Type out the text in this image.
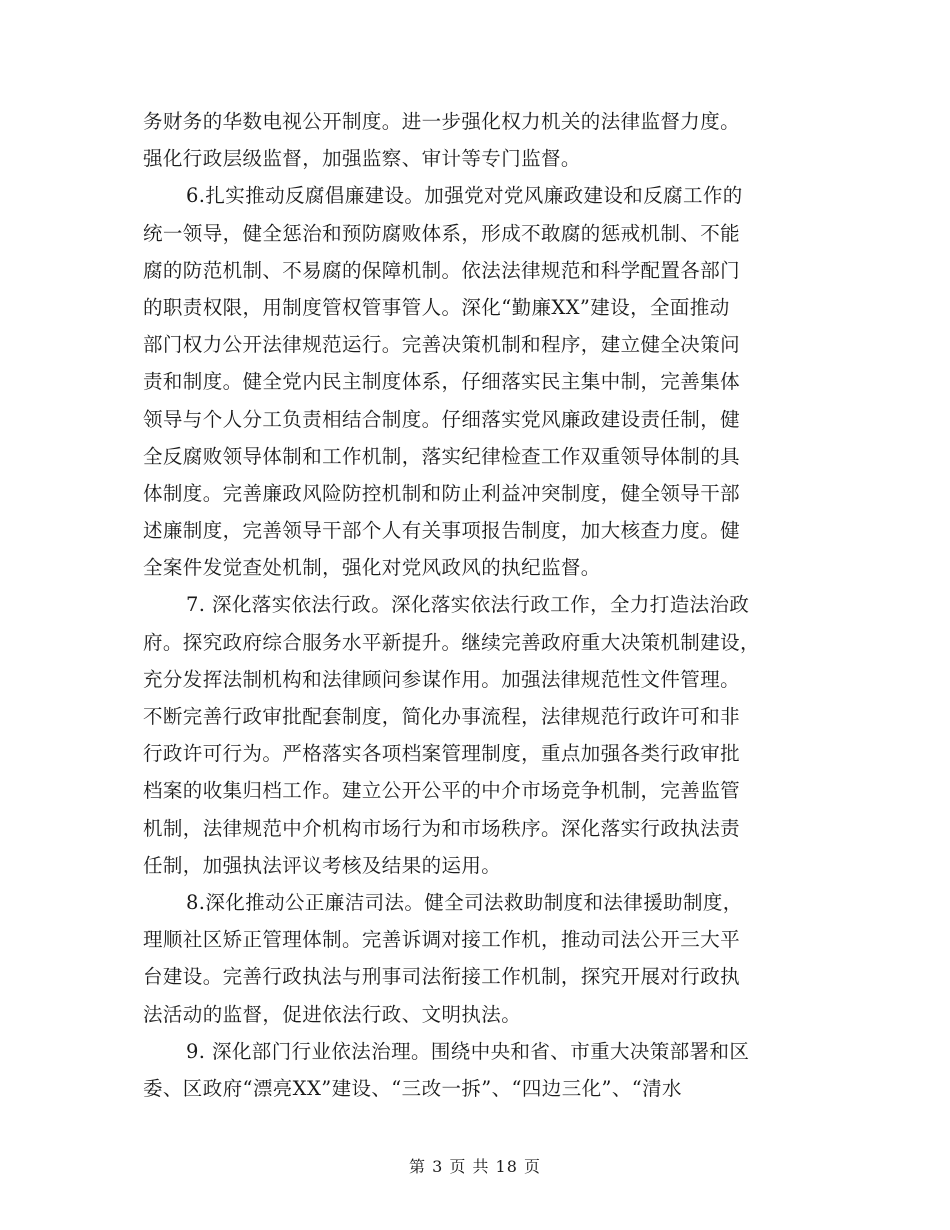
务财务的华数电视公开制度。进一步强化权力机关的法律监督力度。
强化行政层级监督，加强监察、审计等专门监督。
6.扎实推动反腐倡廉建设。加强党对党风廉政建设和反腐工作的
统一领导，健全惩治和预防腐败体系，形成不敢腐的惩戒机制、不能
腐的防范机制、不易腐的保障机制。依法法律规范和科学配置各部门
的职责权限，用制度管权管事管人。深化“勤廉XX”建设，全面推动
部门权力公开法律规范运行。完善决策机制和程序，建立健全决策问
责和制度。健全党内民主制度体系，仔细落实民主集中制，完善集体
领导与个人分工负责相结合制度。仔细落实党风廉政建设责任制，健
全反腐败领导体制和工作机制，落实纪律检查工作双重领导体制的具
体制度。完善廉政风险防控机制和防止利益冲突制度，健全领导干部
述廉制度，完善领导干部个人有关事项报告制度，加大核查力度。健
全案件发觉查处机制，强化对党风政风的执纪监督。
7. 深化落实依法行政。深化落实依法行政工作，全力打造法治政
府。探究政府综合服务水平新提升。继续完善政府重大决策机制建设，
充分发挥法制机构和法律顾问参谋作用。加强法律规范性文件管理。
不断完善行政审批配套制度，简化办事流程，法律规范行政许可和非
行政许可行为。严格落实各项档案管理制度，重点加强各类行政审批
档案的收集归档工作。建立公开公平的中介市场竞争机制，完善监管
机制，法律规范中介机构市场行为和市场秩序。深化落实行政执法责
任制，加强执法评议考核及结果的运用。
8.深化推动公正廉洁司法。健全司法救助制度和法律援助制度，
理顺社区矫正管理体制。完善诉调对接工作机，推动司法公开三大平
台建设。完善行政执法与刑事司法衔接工作机制，探究开展对行政执
法活动的监督，促进依法行政、文明执法。
9. 深化部门行业依法治理。围绕中央和省、市重大决策部署和区
委、区政府“漂亮XX”建设、“三改一拆”、“四边三化”、“清水
第 3 页 共 18 页
